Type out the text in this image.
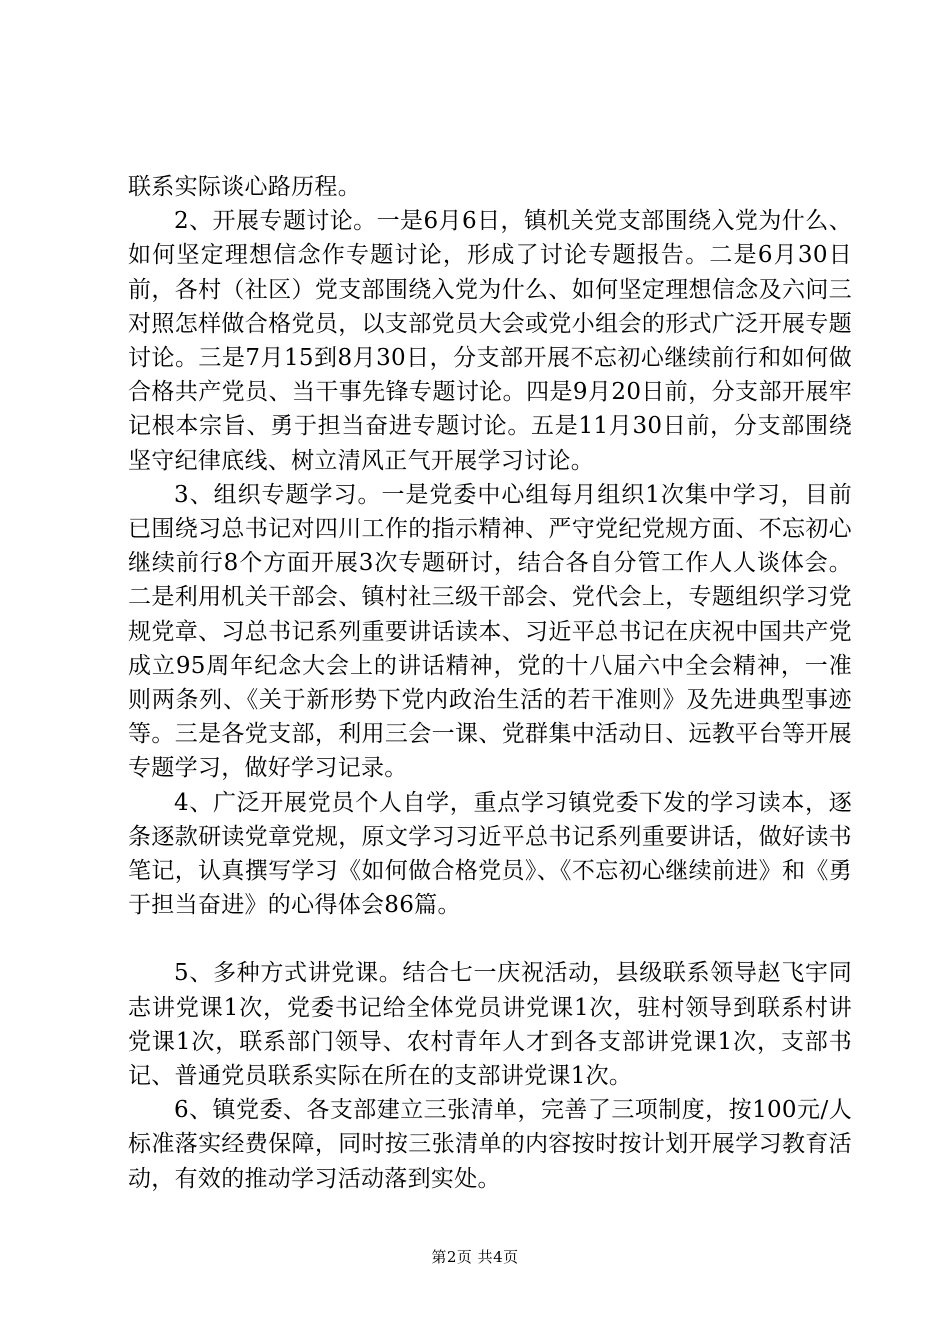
联系实际谈心路历程。

2、开展专题讨论。一是6月6日，镇机关党支部围绕入党为什么、如何坚定理想信念作专题讨论，形成了讨论专题报告。二是6月30日前，各村（社区）党支部围绕入党为什么、如何坚定理想信念及六问三对照怎样做合格党员，以支部党员大会或党小组会的形式广泛开展专题讨论。三是7月15到8月30日，分支部开展不忘初心继续前行和如何做合格共产党员、当干事先锋专题讨论。四是9月20日前，分支部开展牢记根本宗旨、勇于担当奋进专题讨论。五是11月30日前，分支部围绕坚守纪律底线、树立清风正气开展学习讨论。

3、组织专题学习。一是党委中心组每月组织1次集中学习，目前已围绕习总书记对四川工作的指示精神、严守党纪党规方面、不忘初心继续前行8个方面开展3次专题研讨，结合各自分管工作人人谈体会。二是利用机关干部会、镇村社三级干部会、党代会上，专题组织学习党规党章、习总书记系列重要讲话读本、习近平总书记在庆祝中国共产党成立95周年纪念大会上的讲话精神，党的十八届六中全会精神，一准则两条列、《关于新形势下党内政治生活的若干准则》及先进典型事迹等。三是各党支部，利用三会一课、党群集中活动日、远教平台等开展专题学习，做好学习记录。

4、广泛开展党员个人自学，重点学习镇党委下发的学习读本，逐条逐款研读党章党规，原文学习习近平总书记系列重要讲话，做好读书笔记，认真撰写学习《如何做合格党员》、《不忘初心继续前进》和《勇于担当奋进》的心得体会86篇。

5、多种方式讲党课。结合七一庆祝活动，县级联系领导赵飞宇同志讲党课1次，党委书记给全体党员讲党课1次，驻村领导到联系村讲党课1次，联系部门领导、农村青年人才到各支部讲党课1次，支部书记、普通党员联系实际在所在的支部讲党课1次。

6、镇党委、各支部建立三张清单，完善了三项制度，按100元/人标准落实经费保障，同时按三张清单的内容按时按计划开展学习教育活动，有效的推动学习活动落到实处。

第2页 共4页
